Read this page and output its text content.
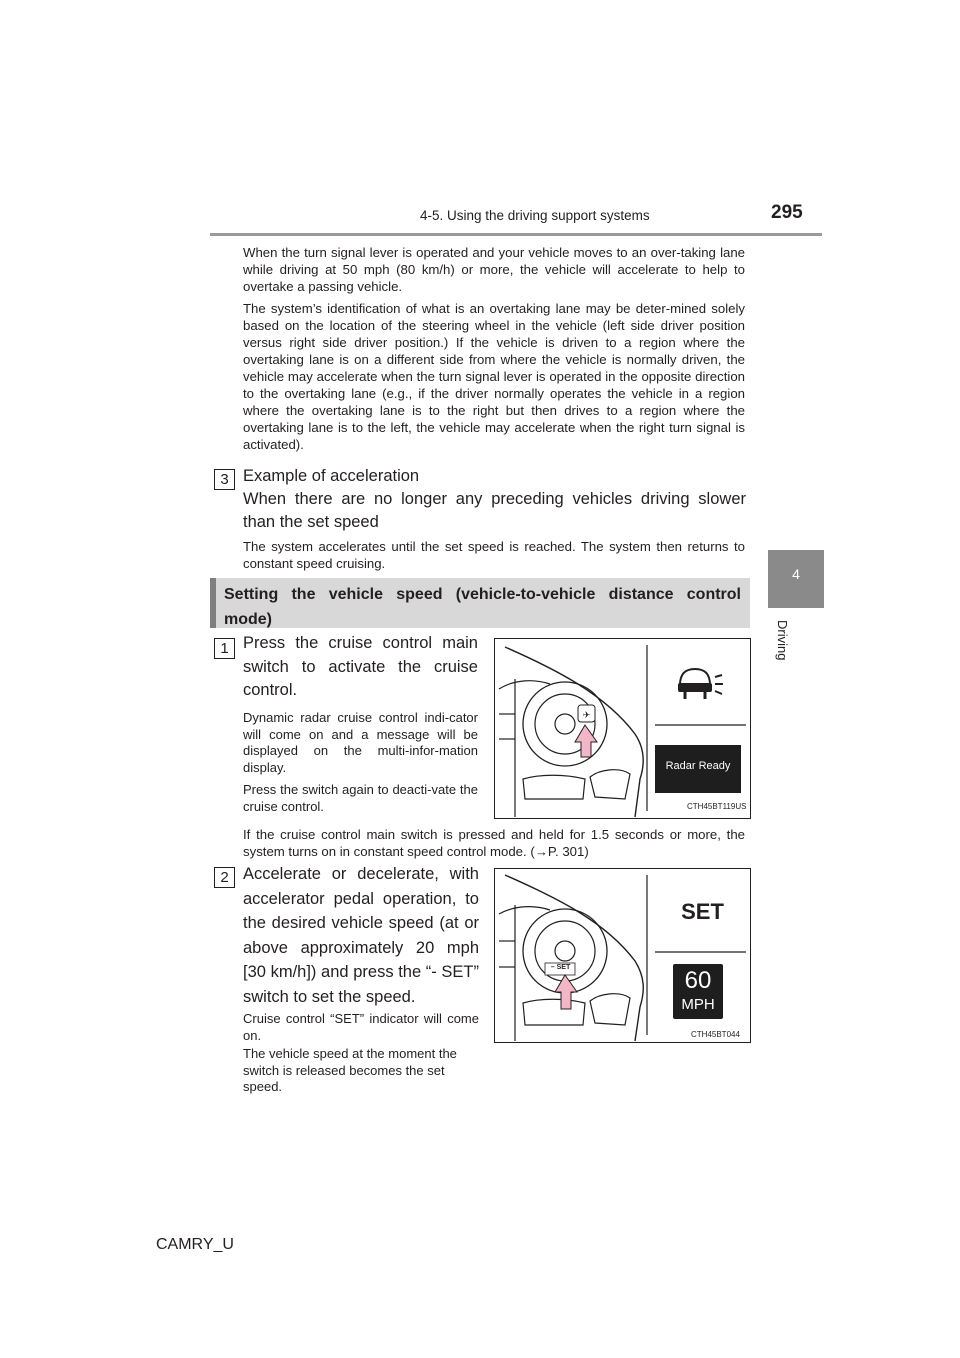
4-5. Using the driving support systems	295
4
Driving
When the turn signal lever is operated and your vehicle moves to an over-taking lane while driving at 50 mph (80 km/h) or more, the vehicle will accelerate to help to overtake a passing vehicle.
The system’s identification of what is an overtaking lane may be deter-mined solely based on the location of the steering wheel in the vehicle (left side driver position versus right side driver position.) If the vehicle is driven to a region where the overtaking lane is on a different side from where the vehicle is normally driven, the vehicle may accelerate when the turn signal lever is operated in the opposite direction to the overtaking lane (e.g., if the driver normally operates the vehicle in a region where the overtaking lane is to the right but then drives to a region where the overtaking lane is to the left, the vehicle may accelerate when the right turn signal is activated).
3 Example of acceleration
When there are no longer any preceding vehicles driving slower
than the set speed
The system accelerates until the set speed is reached. The system then returns to constant speed cruising.
Setting the vehicle speed (vehicle-to-vehicle distance control
mode)
1 Press the cruise control main
switch to activate the cruise
control.
Dynamic radar cruise control indi-cator will come on and a message will be displayed on the multi-infor-mation display.
Press the switch again to deacti-vate the cruise control.
If the cruise control main switch is pressed and held for 1.5 seconds or more, the system turns on in constant speed control mode. (→P. 301)
✈
Radar Ready
CTH45BT119US
2 Accelerate or decelerate, with
accelerator pedal operation, to
the desired vehicle speed (at or
above approximately 20 mph
[30 km/h]) and press the “- SET”
switch to set the speed.
Cruise control “SET” indicator will come on.
The vehicle speed at the moment the switch is released becomes the set speed.
– SET
SET
60
MPH
CTH45BT044
CAMRY_U
